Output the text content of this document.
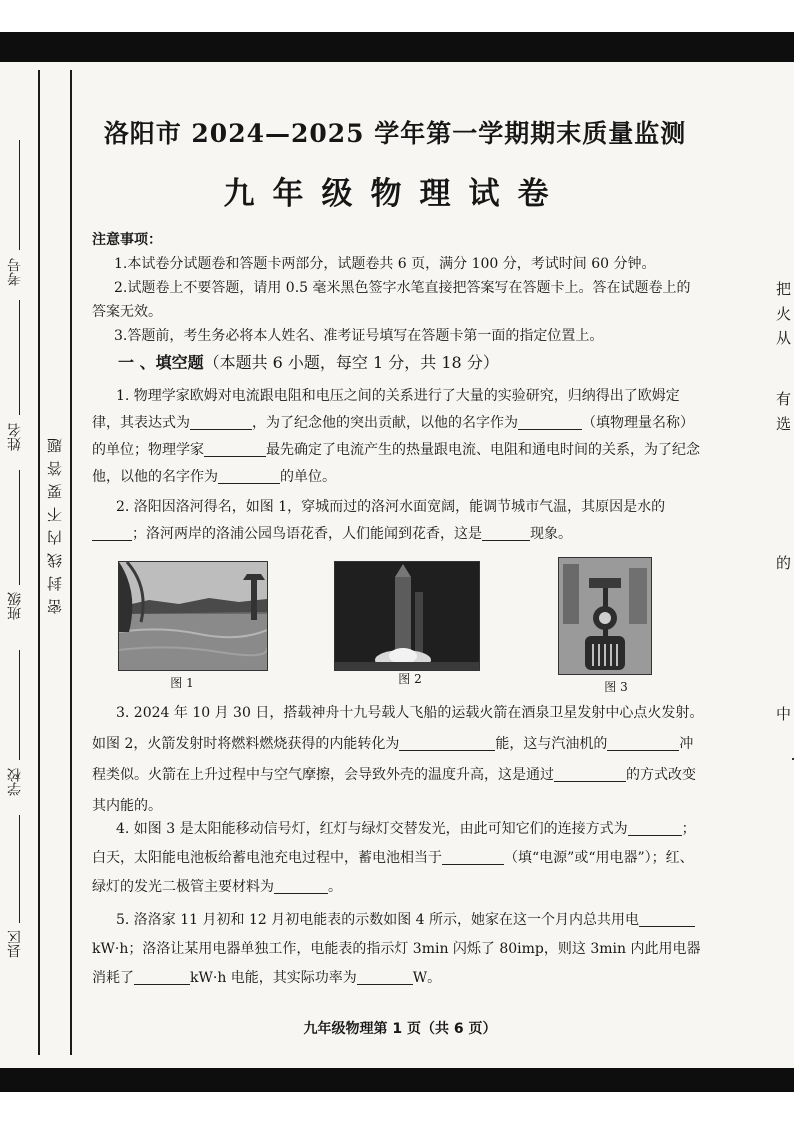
考号
姓名
班级
学校
县区
密封线内不要答题
洛阳市 2024—2025 学年第一学期期末质量监测
九年级物理试卷
注意事项：

1.本试卷分试题卷和答题卡两部分，试题卷共 6 页，满分 100 分，考试时间 60 分钟。

2.试题卷上不要答题，请用 0.5 毫米黑色签字水笔直接把答案写在答题卡上。答在试题卷上的答案无效。

3.答题前，考生务必将本人姓名、准考证号填写在答题卡第一面的指定位置上。

一 、填空题（本题共 6 小题，每空 1 分，共 18 分）

1. 物理学家欧姆对电流跟电阻和电压之间的关系进行了大量的实验研究，归纳得出了欧姆定律，其表达式为	，为了纪念他的突出贡献，以他的名字作为	（填物理量名称）的单位；物理学家	最先确定了电流产生的热量跟电流、电阻和通电时间的关系，为了纪念他，以他的名字作为	的单位。

2. 洛阳因洛河得名，如图 1，穿城而过的洛河水面宽阔，能调节城市气温，其原因是水的；洛河两岸的洛浦公园鸟语花香，人们能闻到花香，这是	现象。

图 1	图 2
图 3

3. 2024 年 10 月 30 日，搭载神舟十九号载人飞船的运载火箭在酒泉卫星发射中心点火发射。如图 2，火箭发射时将燃料燃烧获得的内能转化为	能，这与汽油机的	冲程类似。火箭在上升过程中与空气摩擦，会导致外壳的温度升高，这是通过	的方式改变其内能的。

4. 如图 3 是太阳能移动信号灯，红灯与绿灯交替发光，由此可知它们的连接方式为	；白天，太阳能电池板给蓄电池充电过程中，蓄电池相当于	（填“电源”或“用电器”）；红、绿灯的发光二极管主要材料为	。

5. 洛洛家 11 月初和 12 月初电能表的示数如图 4 所示，她家在这一个月内总共用电kW·h；洛洛让某用电器单独工作，电能表的指示灯 3min 闪烁了 80imp，则这 3min 内此用电器消耗了	kW·h 电能，其实际功率为	W。

九年级物理第 1 页（共 6 页）
把
火
从
有
选
的
中
